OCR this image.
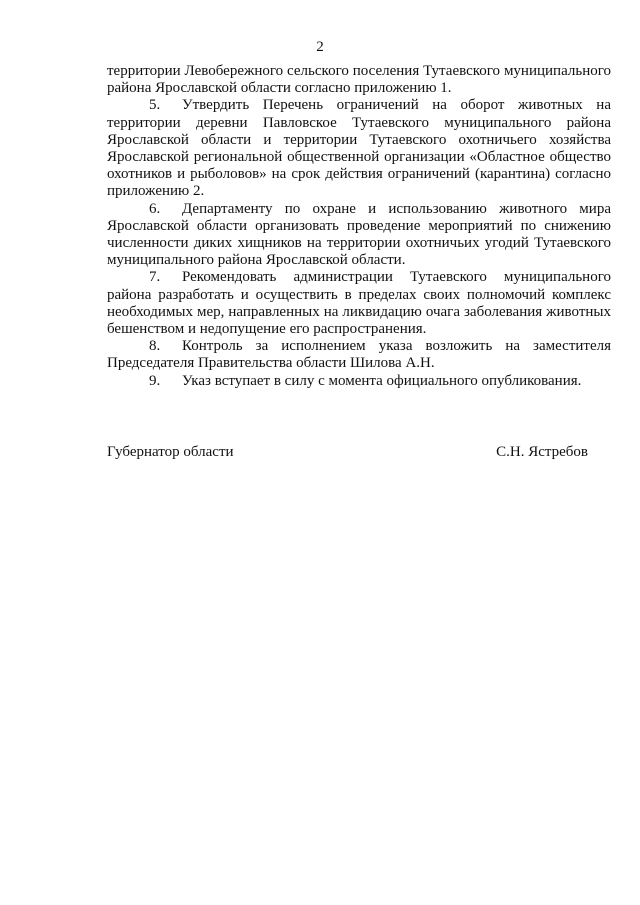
2

территории Левобережного сельского поселения Тутаевского муниципального района Ярославской области согласно приложению 1.

5. Утвердить Перечень ограничений на оборот животных на территории деревни Павловское Тутаевского муниципального района Ярославской области и территории Тутаевского охотничьего хозяйства Ярославской региональной общественной организации «Областное общество охотников и рыболовов» на срок действия ограничений (карантина) согласно приложению 2.

6. Департаменту по охране и использованию животного мира Ярославской области организовать проведение мероприятий по снижению численности диких хищников на территории охотничьих угодий Тутаевского муниципального района Ярославской области.

7. Рекомендовать администрации Тутаевского муниципального района разработать и осуществить в пределах своих полномочий комплекс необходимых мер, направленных на ликвидацию очага заболевания животных бешенством и недопущение его распространения.

8. Контроль за исполнением указа возложить на заместителя Председателя Правительства области Шилова А.Н.

9. Указ вступает в силу с момента официального опубликования.

Губернатор области	С.Н. Ястребов
